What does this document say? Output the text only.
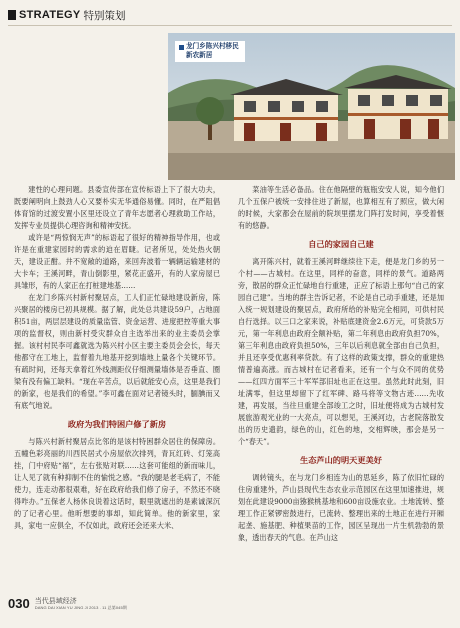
STRATEGY 特别策划
龙门乡陈兴村移民
新农新居

建性的心理问题。县委宣传部在宣传标语上下了很大功夫，既要阐明向上鼓劲人心又要朴实无华通俗易懂。同时，在严阻倡体育馆的过渡安置小区里还设立了青年志愿者心理救助工作站，发挥专业员提供心理咨询和精神安抚。

或许是“两惊悯无声”的标语起了很好的精神指导作用，也或许是在重建家园时的需求的迫在眉睫。记者所见，处处热火朝天，建设正酣。井不宽敞的道路，来回奔波着一辆辆运输建材的大卡车；王溪河畔，青山倒影里，紧花正盛开，有的人家房屋已具雏形，有的人家正在打桩建地基……

在龙门乡陈兴村新村聚居点，工人们正忙碌地建设新房，陈兴聚居的楼房已初具规模。据了解，此处总共建设59户，占地面积51亩，两层层建设的质量监管、资金运营、进度把控等重大事项的监督权，则由新村受灾群众自主选举出来的业主委员会掌握。该村村民李可鑫就选为陈兴村小区主要主委员会会长，每天他都守在工地上，监督着九地基开挖到墙地上量各个关键环节。有疏时间，还每天拿着红外线测距仪仔细测量墙体是否垂直、圈梁有没有偏工缺料。“现在辛苦点，以后就能安心点，这里是我们的新家，也是我们的希望。”李可鑫在面对记者镜头时，腼腆而又有底气地说。

政府为我们特困户修了新房

与陈兴村新村聚居点比邻的是该村特困群众居住的保障房。五幢色彩亮丽的川西民居式小房屋依次排列，青瓦红砖、灯笼高挂，门中府贴“福”，左右张贴对联……这套可能组的新而味儿，让人见了就有种抑制不住的愉悦之感。“我的腿是老毛病了，不能使力，连走动都很艰难，好在政府给我们修了房子，不然还不晓得咋办。”五保老人杨休良说着这话时，眼里就遮出的是素诚深沉的了记者心里。他昕想要的事却，知此简单。他的新家里，家具，家电一应俱全，不仅如此，政府还会还来大米、

菜油等生活必备品。住在他隔壁的瓶瓶安安人说，知今他们几个五保户被统一安排住进了新屋，也算相互有了照应，做大闲的时候，大家都会在屋前的院坝里摆龙门阵打发时间，享受着惬有的悠静。

自己的家园自己建

离开陈兴村，就着王溪河畔继续往下走，便是龙门乡的另一个村——古城村。在这里，同样的奋意，同样的景气。道路两旁，散居的群众正忙碌地自行重建，正应了标语上那句“自己的家园自己建”。当地的群主告诉记者，不论是自己动手重建，还是加入统一规划建设的聚居点，政府所给的补贴完全相同，可供村民自行选择。以三口之家来说，补贴底建资金2.6万元，可贷款5万元，第一年利息由政府全额补贴，第二年利息由政府负担70%，第三年利息由政府负担50%，三年以后利息就全部由自己负担，并且还享受优惠利率贷款。有了这样的政策支撑，群众的重建热情普遍高涨。而古城村在记者看来，还有一个与众不同的优势——红四方面军三十军军部旧址也正在这里。虽然此时此刻，旧址满零，但这里却留下了红军碑、路马将等文物古迹……先收建，再发展，当往旦重建全部竣工之时，旧址便将成为古城村发展旅游观光业的一大亮点，可以想见，王溪河边，古老院落散发出的历史遗韵，绿色的山，红色的地，交相辉映，那会是另一个“春天”。

生态芦山的明天更美好

调转镜头，在与龙门乡相连为山的思延乡，陈了依旧忙碌的住房重建外，芦山县现代生态农业示范园区在这里加速推进，规划在此建设9000亩猕猴桃基地和600亩设施农业。土地流转、整理工作正紧锣密鼓进行，已流转、整理出来的土地正在进行开厢起垄、施基肥、种植果苗的工作，园区呈现出一片生机勃勃的景象，透出春天的气息。在芦山这

030 当代县域经济
DANG DAI XIAN YU JING JI 2013 . 11 总第045期
